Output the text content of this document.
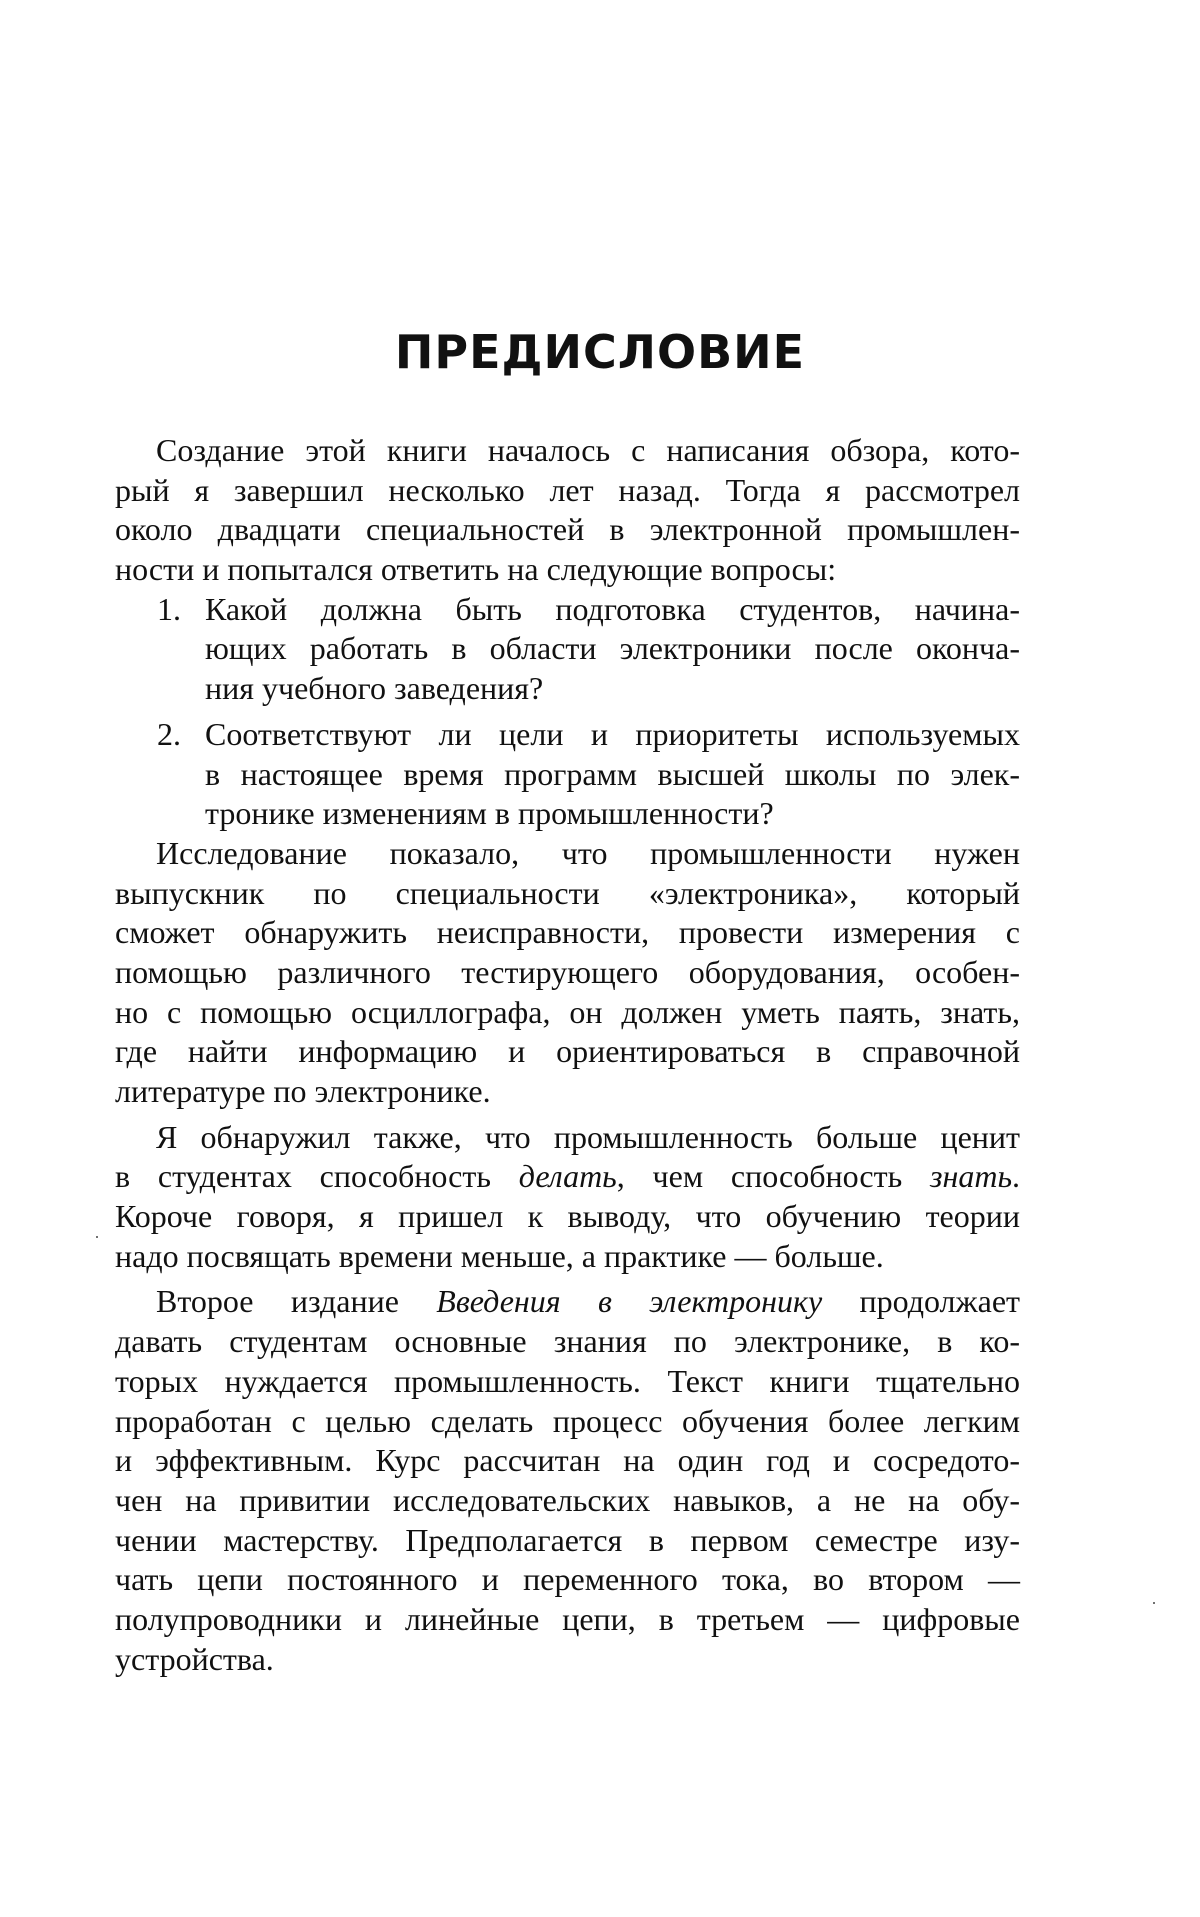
ПРЕДИСЛОВИЕ
Создание этой книги началось с написания обзора, кото-
рый я завершил несколько лет назад. Тогда я рассмотрел
около двадцати специальностей в электронной промышлен-
ности и попытался ответить на следующие вопросы:
1. Какой должна быть подготовка студентов, начина-
ющих работать в области электроники после оконча-
ния учебного заведения?
2. Соответствуют ли цели и приоритеты используемых
в настоящее время программ высшей школы по элек-
тронике изменениям в промышленности?
Исследование показало, что промышленности нужен
выпускник по специальности «электроника», который
сможет обнаружить неисправности, провести измерения с
помощью различного тестирующего оборудования, особен-
но с помощью осциллографа, он должен уметь паять, знать,
где найти информацию и ориентироваться в справочной
литературе по электронике.
Я обнаружил также, что промышленность больше ценит
в студентах способность делать, чем способность знать.
Короче говоря, я пришел к выводу, что обучению теории
надо посвящать времени меньше, а практике — больше.
Второе издание Введения в электронику продолжает
давать студентам основные знания по электронике, в ко-
торых нуждается промышленность. Текст книги тщательно
проработан с целью сделать процесс обучения более легким
и эффективным. Курс рассчитан на один год и сосредото-
чен на привитии исследовательских навыков, а не на обу-
чении мастерству. Предполагается в первом семестре изу-
чать цепи постоянного и переменного тока, во втором —
полупроводники и линейные цепи, в третьем — цифровые
устройства.
